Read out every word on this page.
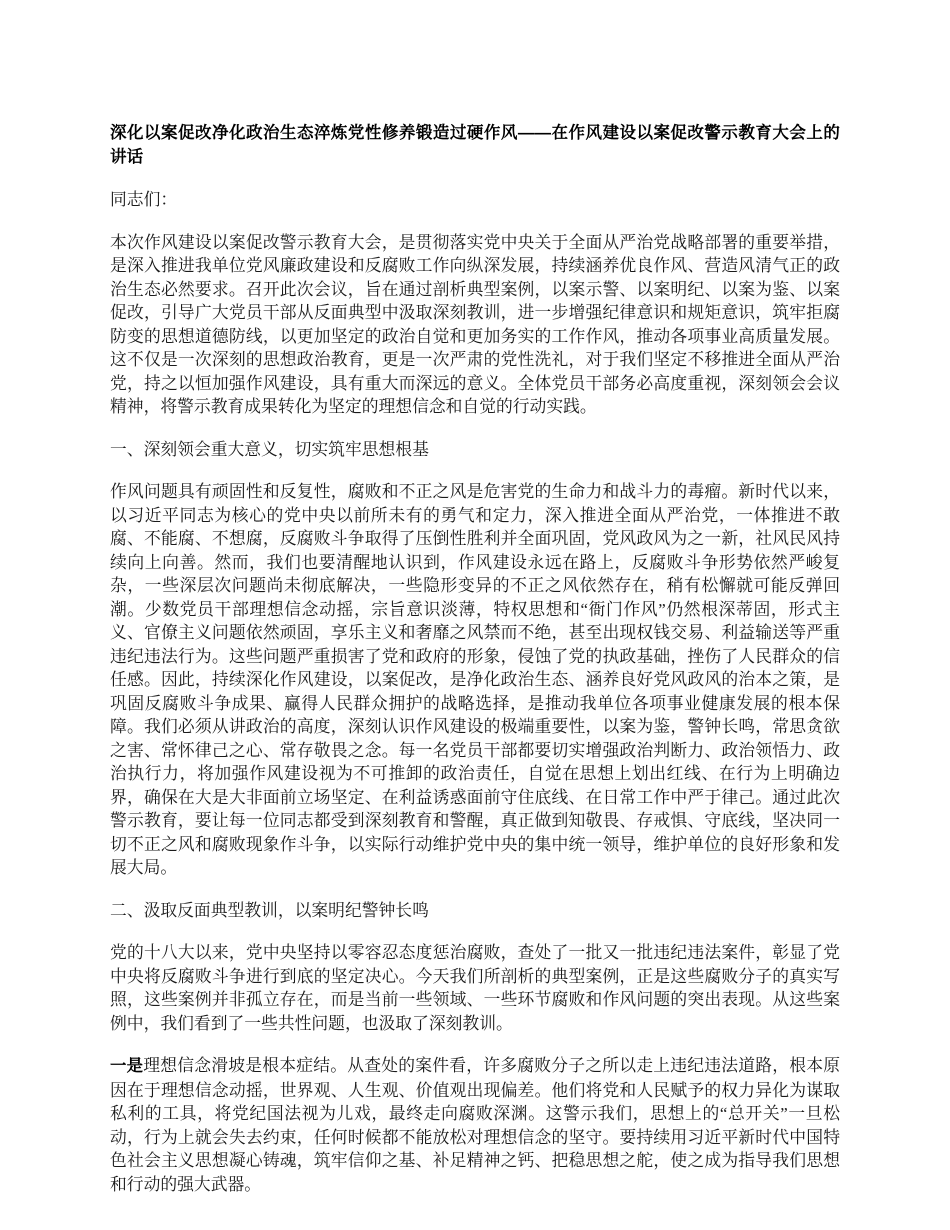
深化以案促改净化政治生态淬炼党性修养锻造过硬作风——在作风建设以案促改警示教育大会上的讲话

同志们：

本次作风建设以案促改警示教育大会，是贯彻落实党中央关于全面从严治党战略部署的重要举措，是深入推进我单位党风廉政建设和反腐败工作向纵深发展，持续涵养优良作风、营造风清气正的政治生态必然要求。召开此次会议，旨在通过剖析典型案例，以案示警、以案明纪、以案为鉴、以案促改，引导广大党员干部从反面典型中汲取深刻教训，进一步增强纪律意识和规矩意识，筑牢拒腐防变的思想道德防线，以更加坚定的政治自觉和更加务实的工作作风，推动各项事业高质量发展。这不仅是一次深刻的思想政治教育，更是一次严肃的党性洗礼，对于我们坚定不移推进全面从严治党，持之以恒加强作风建设，具有重大而深远的意义。全体党员干部务必高度重视，深刻领会会议精神，将警示教育成果转化为坚定的理想信念和自觉的行动实践。

一、深刻领会重大意义，切实筑牢思想根基

作风问题具有顽固性和反复性，腐败和不正之风是危害党的生命力和战斗力的毒瘤。新时代以来，以习近平同志为核心的党中央以前所未有的勇气和定力，深入推进全面从严治党，一体推进不敢腐、不能腐、不想腐，反腐败斗争取得了压倒性胜利并全面巩固，党风政风为之一新，社风民风持续向上向善。然而，我们也要清醒地认识到，作风建设永远在路上，反腐败斗争形势依然严峻复杂，一些深层次问题尚未彻底解决，一些隐形变异的不正之风依然存在，稍有松懈就可能反弹回潮。少数党员干部理想信念动摇，宗旨意识淡薄，特权思想和“衙门作风”仍然根深蒂固，形式主义、官僚主义问题依然顽固，享乐主义和奢靡之风禁而不绝，甚至出现权钱交易、利益输送等严重违纪违法行为。这些问题严重损害了党和政府的形象，侵蚀了党的执政基础，挫伤了人民群众的信任感。因此，持续深化作风建设，以案促改，是净化政治生态、涵养良好党风政风的治本之策，是巩固反腐败斗争成果、赢得人民群众拥护的战略选择，是推动我单位各项事业健康发展的根本保障。我们必须从讲政治的高度，深刻认识作风建设的极端重要性，以案为鉴，警钟长鸣，常思贪欲之害、常怀律己之心、常存敬畏之念。每一名党员干部都要切实增强政治判断力、政治领悟力、政治执行力，将加强作风建设视为不可推卸的政治责任，自觉在思想上划出红线、在行为上明确边界，确保在大是大非面前立场坚定、在利益诱惑面前守住底线、在日常工作中严于律己。通过此次警示教育，要让每一位同志都受到深刻教育和警醒，真正做到知敬畏、存戒惧、守底线，坚决同一切不正之风和腐败现象作斗争，以实际行动维护党中央的集中统一领导，维护单位的良好形象和发展大局。

二、汲取反面典型教训，以案明纪警钟长鸣

党的十八大以来，党中央坚持以零容忍态度惩治腐败，查处了一批又一批违纪违法案件，彰显了党中央将反腐败斗争进行到底的坚定决心。今天我们所剖析的典型案例，正是这些腐败分子的真实写照，这些案例并非孤立存在，而是当前一些领域、一些环节腐败和作风问题的突出表现。从这些案例中，我们看到了一些共性问题，也汲取了深刻教训。

一是理想信念滑坡是根本症结。从查处的案件看，许多腐败分子之所以走上违纪违法道路，根本原因在于理想信念动摇，世界观、人生观、价值观出现偏差。他们将党和人民赋予的权力异化为谋取私利的工具，将党纪国法视为儿戏，最终走向腐败深渊。这警示我们，思想上的“总开关”一旦松动，行为上就会失去约束，任何时候都不能放松对理想信念的坚守。要持续用习近平新时代中国特色社会主义思想凝心铸魂，筑牢信仰之基、补足精神之钙、把稳思想之舵，使之成为指导我们思想和行动的强大武器。
